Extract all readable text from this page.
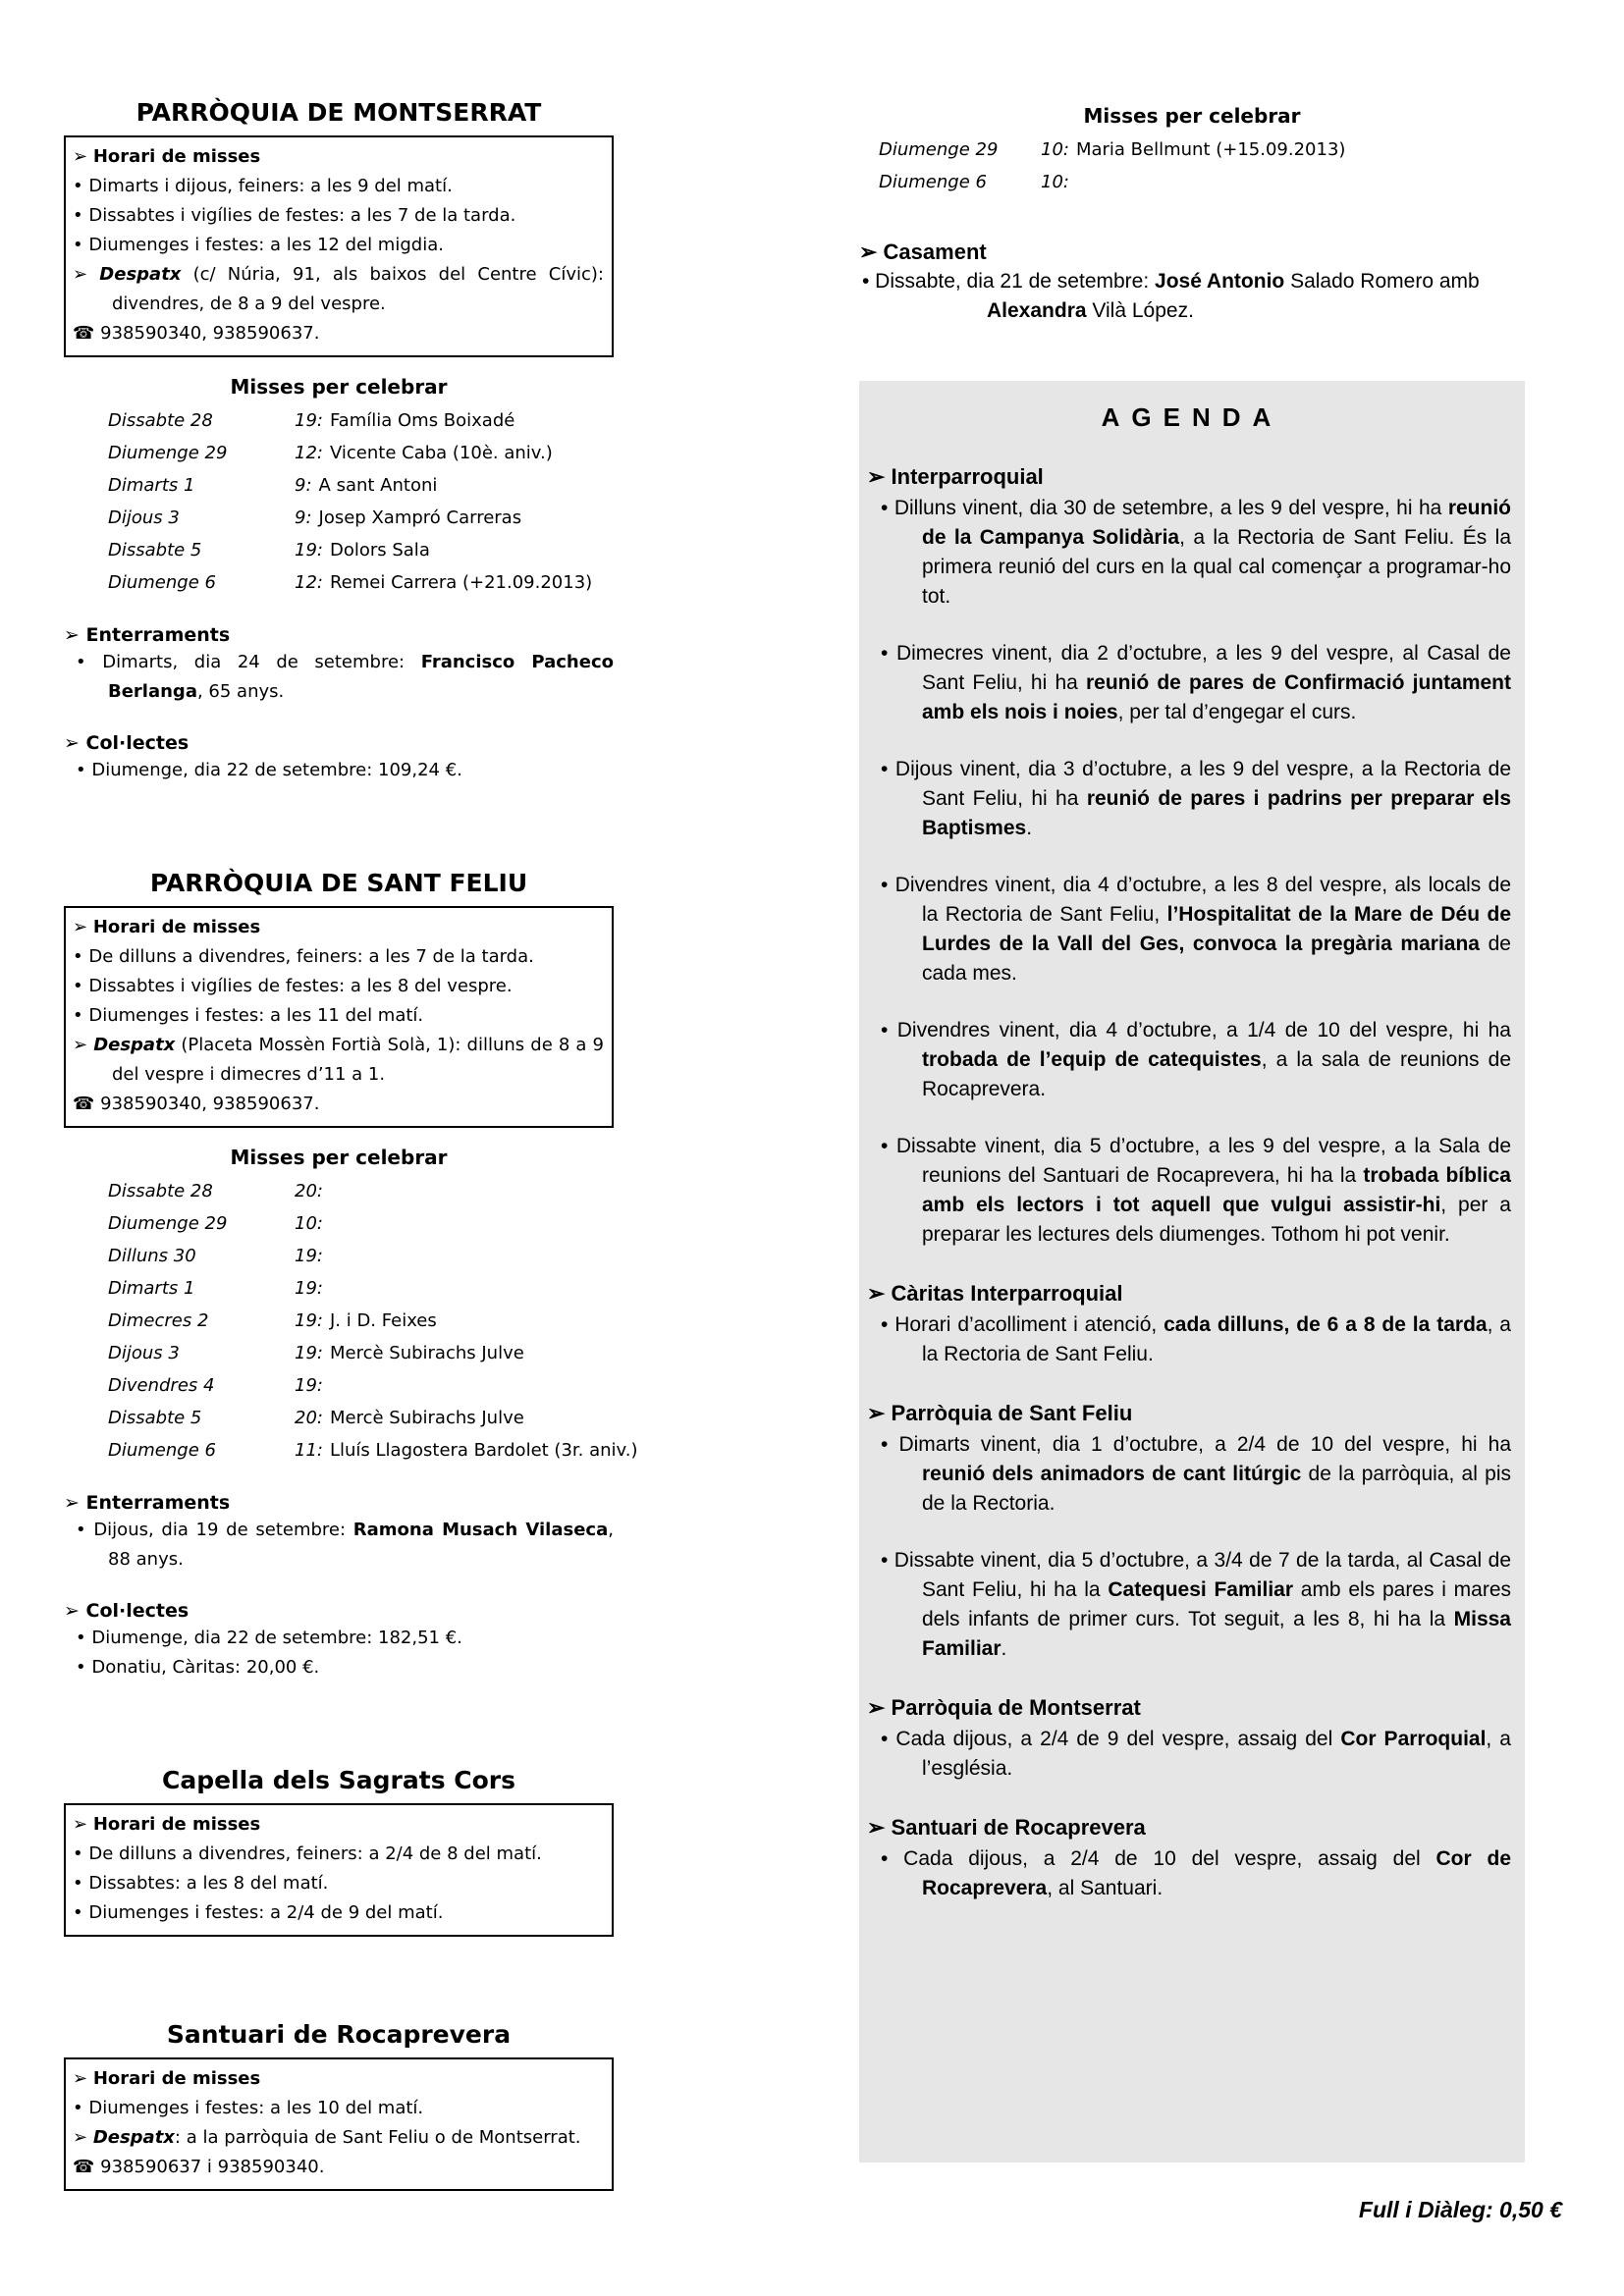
PARRÒQUIA DE MONTSERRAT
➢ Horari de misses
• Dimarts i dijous, feiners: a les 9 del matí.
• Dissabtes i vigílies de festes: a les 7 de la tarda.
• Diumenges i festes: a les 12 del migdia.
➢ Despatx (c/ Núria, 91, als baixos del Centre Cívic): divendres, de 8 a 9 del vespre.
☎ 938590340, 938590637.
Misses per celebrar
Dissabte 28	19: Família Oms Boixadé
Diumenge 29	12: Vicente Caba (10è. aniv.)
Dimarts 1	9: A sant Antoni
Dijous 3	9: Josep Xampró Carreras
Dissabte 5	19: Dolors Sala
Diumenge 6	12: Remei Carrera (+21.09.2013)
➢ Enterraments
• Dimarts, dia 24 de setembre: Francisco Pacheco Berlanga, 65 anys.
➢ Col·lectes
• Diumenge, dia 22 de setembre: 109,24 €.
PARRÒQUIA DE SANT FELIU
➢ Horari de misses
• De dilluns a divendres, feiners: a les 7 de la tarda.
• Dissabtes i vigílies de festes: a les 8 del vespre.
• Diumenges i festes: a les 11 del matí.
➢ Despatx (Placeta Mossèn Fortià Solà, 1): dilluns de 8 a 9 del vespre i dimecres d’11 a 1.
☎ 938590340, 938590637.
Misses per celebrar
Dissabte 28	20:
Diumenge 29	10:
Dilluns 30	19:
Dimarts 1	19:
Dimecres 2	19: J. i D. Feixes
Dijous 3	19: Mercè Subirachs Julve
Divendres 4	19:
Dissabte 5	20: Mercè Subirachs Julve
Diumenge 6	11: Lluís Llagostera Bardolet (3r. aniv.)
➢ Enterraments
• Dijous, dia 19 de setembre: Ramona Musach Vilaseca, 88 anys.
➢ Col·lectes
• Diumenge, dia 22 de setembre: 182,51 €.
• Donatiu, Càritas: 20,00 €.
Capella dels Sagrats Cors
➢ Horari de misses
• De dilluns a divendres, feiners: a 2/4 de 8 del matí.
• Dissabtes: a les 8 del matí.
• Diumenges i festes: a 2/4 de 9 del matí.
Santuari de Rocaprevera
➢ Horari de misses
• Diumenges i festes: a les 10 del matí.
➢ Despatx: a la parròquia de Sant Feliu o de Montserrat.
☎ 938590637 i 938590340.
Misses per celebrar
Diumenge 29	10: Maria Bellmunt (+15.09.2013)
Diumenge 6	10:
➢ Casament
• Dissabte, dia 21 de setembre: José Antonio Salado Romero amb Alexandra Vilà López.
AGENDA
➢ Interparroquial
• Dilluns vinent, dia 30 de setembre, a les 9 del vespre, hi ha reunió de la Campanya Solidària, a la Rectoria de Sant Feliu. És la primera reunió del curs en la qual cal començar a programar-ho tot.
• Dimecres vinent, dia 2 d’octubre, a les 9 del vespre, al Casal de Sant Feliu, hi ha reunió de pares de Confirmació juntament amb els nois i noies, per tal d’engegar el curs.
• Dijous vinent, dia 3 d’octubre, a les 9 del vespre, a la Rectoria de Sant Feliu, hi ha reunió de pares i padrins per preparar els Baptismes.
• Divendres vinent, dia 4 d’octubre, a les 8 del vespre, als locals de la Rectoria de Sant Feliu, l’Hospitalitat de la Mare de Déu de Lurdes de la Vall del Ges, convoca la pregària mariana de cada mes.
• Divendres vinent, dia 4 d’octubre, a 1/4 de 10 del vespre, hi ha trobada de l’equip de catequistes, a la sala de reunions de Rocaprevera.
• Dissabte vinent, dia 5 d’octubre, a les 9 del vespre, a la Sala de reunions del Santuari de Rocaprevera, hi ha la trobada bíblica amb els lectors i tot aquell que vulgui assistir-hi, per a preparar les lectures dels diumenges. Tothom hi pot venir.
➢ Càritas Interparroquial
• Horari d’acolliment i atenció, cada dilluns, de 6 a 8 de la tarda, a la Rectoria de Sant Feliu.
➢ Parròquia de Sant Feliu
• Dimarts vinent, dia 1 d’octubre, a 2/4 de 10 del vespre, hi ha reunió dels animadors de cant litúrgic de la parròquia, al pis de la Rectoria.
• Dissabte vinent, dia 5 d’octubre, a 3/4 de 7 de la tarda, al Casal de Sant Feliu, hi ha la Catequesi Familiar amb els pares i mares dels infants de primer curs. Tot seguit, a les 8, hi ha la Missa Familiar.
➢ Parròquia de Montserrat
• Cada dijous, a 2/4 de 9 del vespre, assaig del Cor Parroquial, a l’església.
➢ Santuari de Rocaprevera
• Cada dijous, a 2/4 de 10 del vespre, assaig del Cor de Rocaprevera, al Santuari.
Full i Diàleg: 0,50 €
